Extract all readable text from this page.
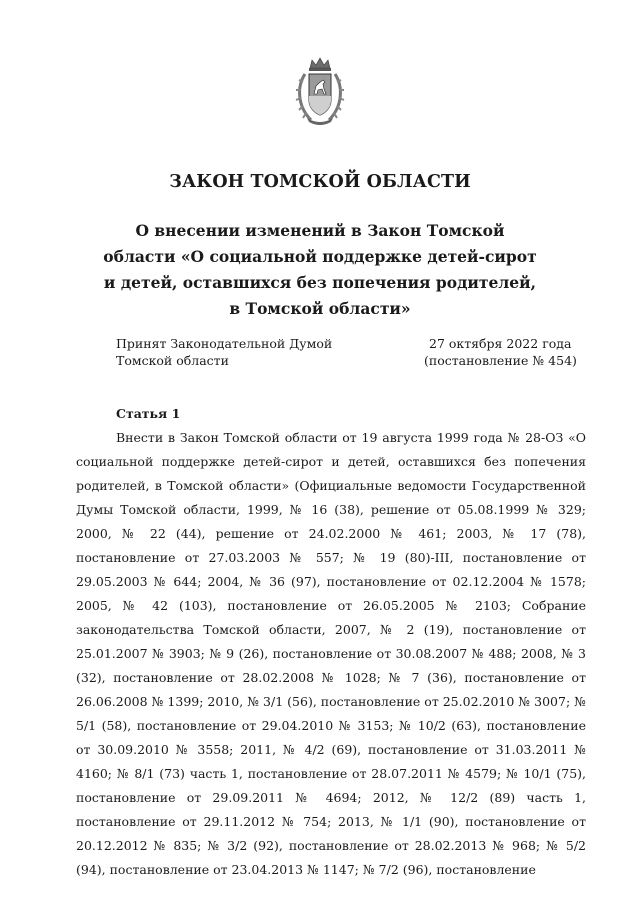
ЗАКОН ТОМСКОЙ ОБЛАСТИ
О внесении изменений в Закон Томской области «О социальной поддержке детей-сирот и детей, оставшихся без попечения родителей, в Томской области»
Принят Законодательной Думой
Томской области
27 октября 2022 года
(постановление № 454)
Статья 1
Внести в Закон Томской области от 19 августа 1999 года № 28-ОЗ «О социальной поддержке детей-сирот и детей, оставшихся без попечения родителей, в Томской области» (Официальные ведомости Государственной Думы Томской области, 1999, № 16 (38), решение от 05.08.1999 № 329; 2000, № 22 (44), решение от 24.02.2000 № 461; 2003, № 17 (78), постановление от 27.03.2003 № 557; № 19 (80)-III, постановление от 29.05.2003 № 644; 2004, № 36 (97), постановление от 02.12.2004 № 1578; 2005, № 42 (103), постановление от 26.05.2005 № 2103; Собрание законодательства Томской области, 2007, № 2 (19), постановление от 25.01.2007 № 3903; № 9 (26), постановление от 30.08.2007 № 488; 2008, № 3 (32), постановление от 28.02.2008 № 1028; № 7 (36), постановление от 26.06.2008 № 1399; 2010, № 3/1 (56), постановление от 25.02.2010 № 3007; № 5/1 (58), постановление от 29.04.2010 № 3153; № 10/2 (63), постановление от 30.09.2010 № 3558; 2011, № 4/2 (69), постановление от 31.03.2011 № 4160; № 8/1 (73) часть 1, постановление от 28.07.2011 № 4579; № 10/1 (75), постановление от 29.09.2011 № 4694; 2012, № 12/2 (89) часть 1, постановление от 29.11.2012 № 754; 2013, № 1/1 (90), постановление от 20.12.2012 № 835; № 3/2 (92), постановление от 28.02.2013 № 968; № 5/2 (94), постановление от 23.04.2013 № 1147; № 7/2 (96), постановление
